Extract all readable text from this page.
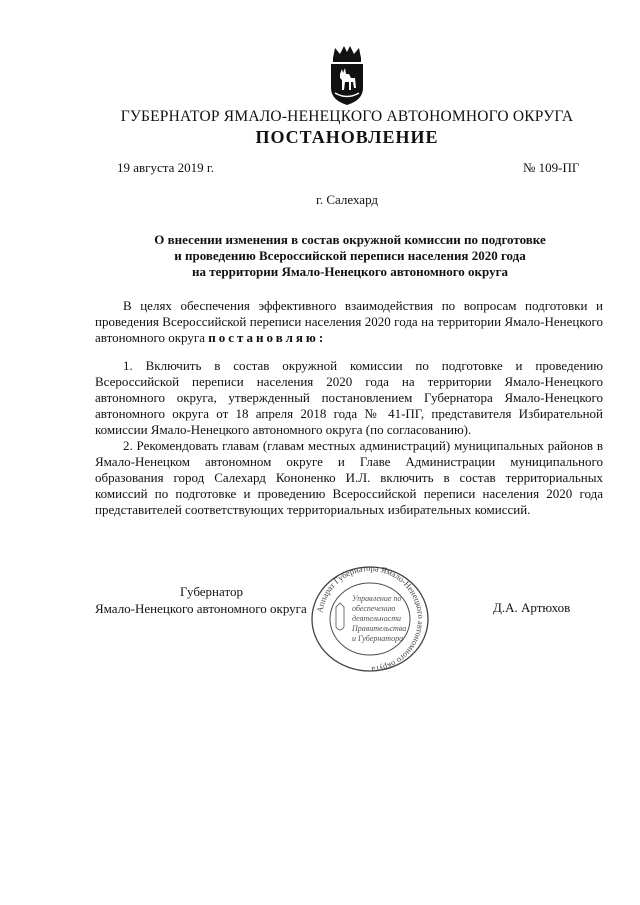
ГУБЕРНАТОР ЯМАЛО-НЕНЕЦКОГО АВТОНОМНОГО ОКРУГА
ПОСТАНОВЛЕНИЕ
19 августа 2019 г.	№ 109-ПГ
г. Салехард
О внесении изменения в состав окружной комиссии по подготовке
и проведению Всероссийской переписи населения 2020 года
на территории Ямало-Ненецкого автономного округа

В целях обеспечения эффективного взаимодействия по вопросам подготовки и проведения Всероссийской переписи населения 2020 года на территории Ямало-Ненецкого автономного округа постановляю:

1. Включить в состав окружной комиссии по подготовке и проведению Всероссийской переписи населения 2020 года на территории Ямало-Ненецкого автономного округа, утвержденный постановлением Губернатора Ямало-Ненецкого автономного округа от 18 апреля 2018 года № 41-ПГ, представителя Избирательной комиссии Ямало-Ненецкого автономного округа (по согласованию).

2. Рекомендовать главам (главам местных администраций) муниципальных районов в Ямало-Ненецком автономном округе и Главе Администрации муниципального образования город Салехард Кононенко И.Л. включить в состав территориальных комиссий по подготовке и проведению Всероссийской переписи населения 2020 года представителей соответствующих территориальных избирательных комиссий.

Губернатор
Ямало-Ненецкого автономного округа	Д.А. Артюхов
Аппарат Губернатора Ямало-Ненецкого автономного округа
Управление по
обеспечению
деятельности
Правительства
и Губернатора
